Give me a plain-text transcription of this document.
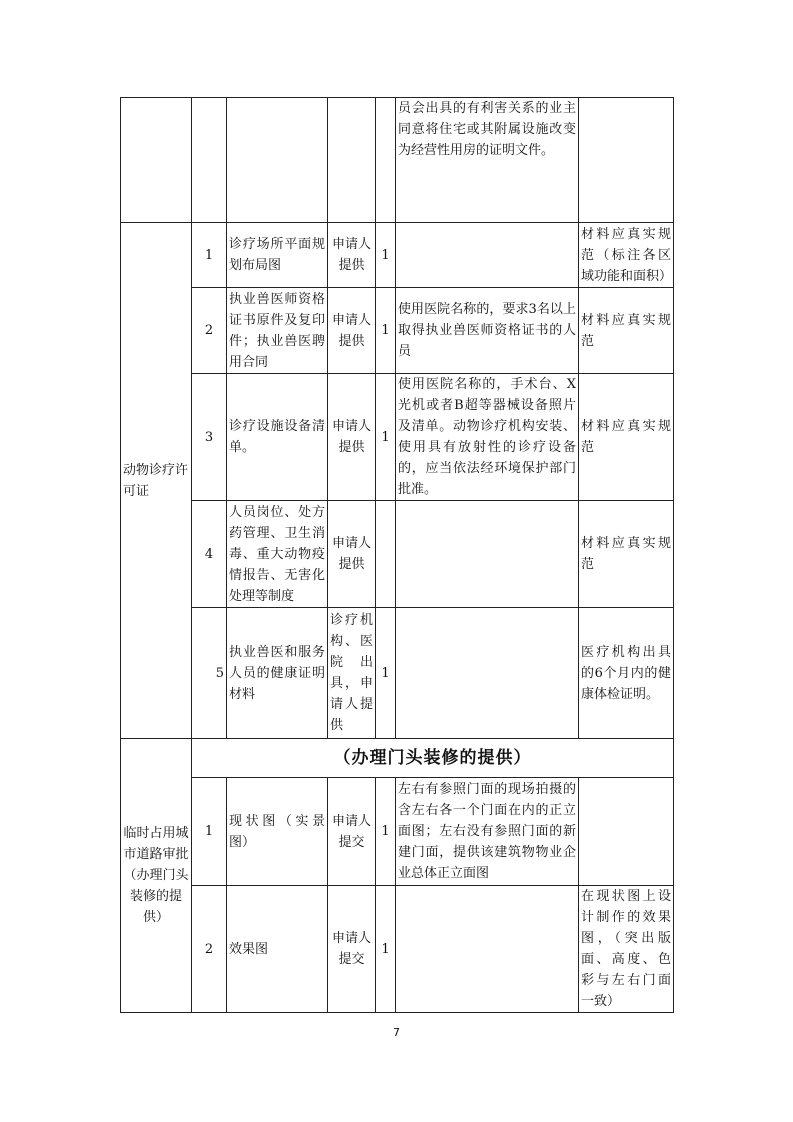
					员会出具的有利害关系的业主同意将住宅或其附属设施改变为经营性用房的证明文件。	
动物诊疗许可证	1	诊疗场所平面规划布局图	申请人提供	1		材料应真实规范（标注各区域功能和面积）
	2	执业兽医师资格证书原件及复印件；执业兽医聘用合同	申请人提供	1	使用医院名称的，要求3名以上取得执业兽医师资格证书的人员	材料应真实规范
	3	诊疗设施设备清单。	申请人提供	1	使用医院名称的，手术台、X光机或者B超等器械设备照片及清单。动物诊疗机构安装、使用具有放射性的诊疗设备的，应当依法经环境保护部门批准。	材料应真实规范
	4	人员岗位、处方药管理、卫生消毒、重大动物疫情报告、无害化处理等制度	申请人提供			材料应真实规范
	5	执业兽医和服务人员的健康证明材料	诊疗机构、医院出具，申请人提供	1		医疗机构出具的6个月内的健康体检证明。
临时占用城市道路审批（办理门头装修的提供）	（办理门头装修的提供）					
	1	现状图（实景图）	申请人提交	1	左右有参照门面的现场拍摄的含左右各一个门面在内的正立面图；左右没有参照门面的新建门面，提供该建筑物物业企业总体正立面图	
	2	效果图	申请人提交	1		在现状图上设计制作的效果图，（突出版面、高度、色彩与左右门面一致）
7
